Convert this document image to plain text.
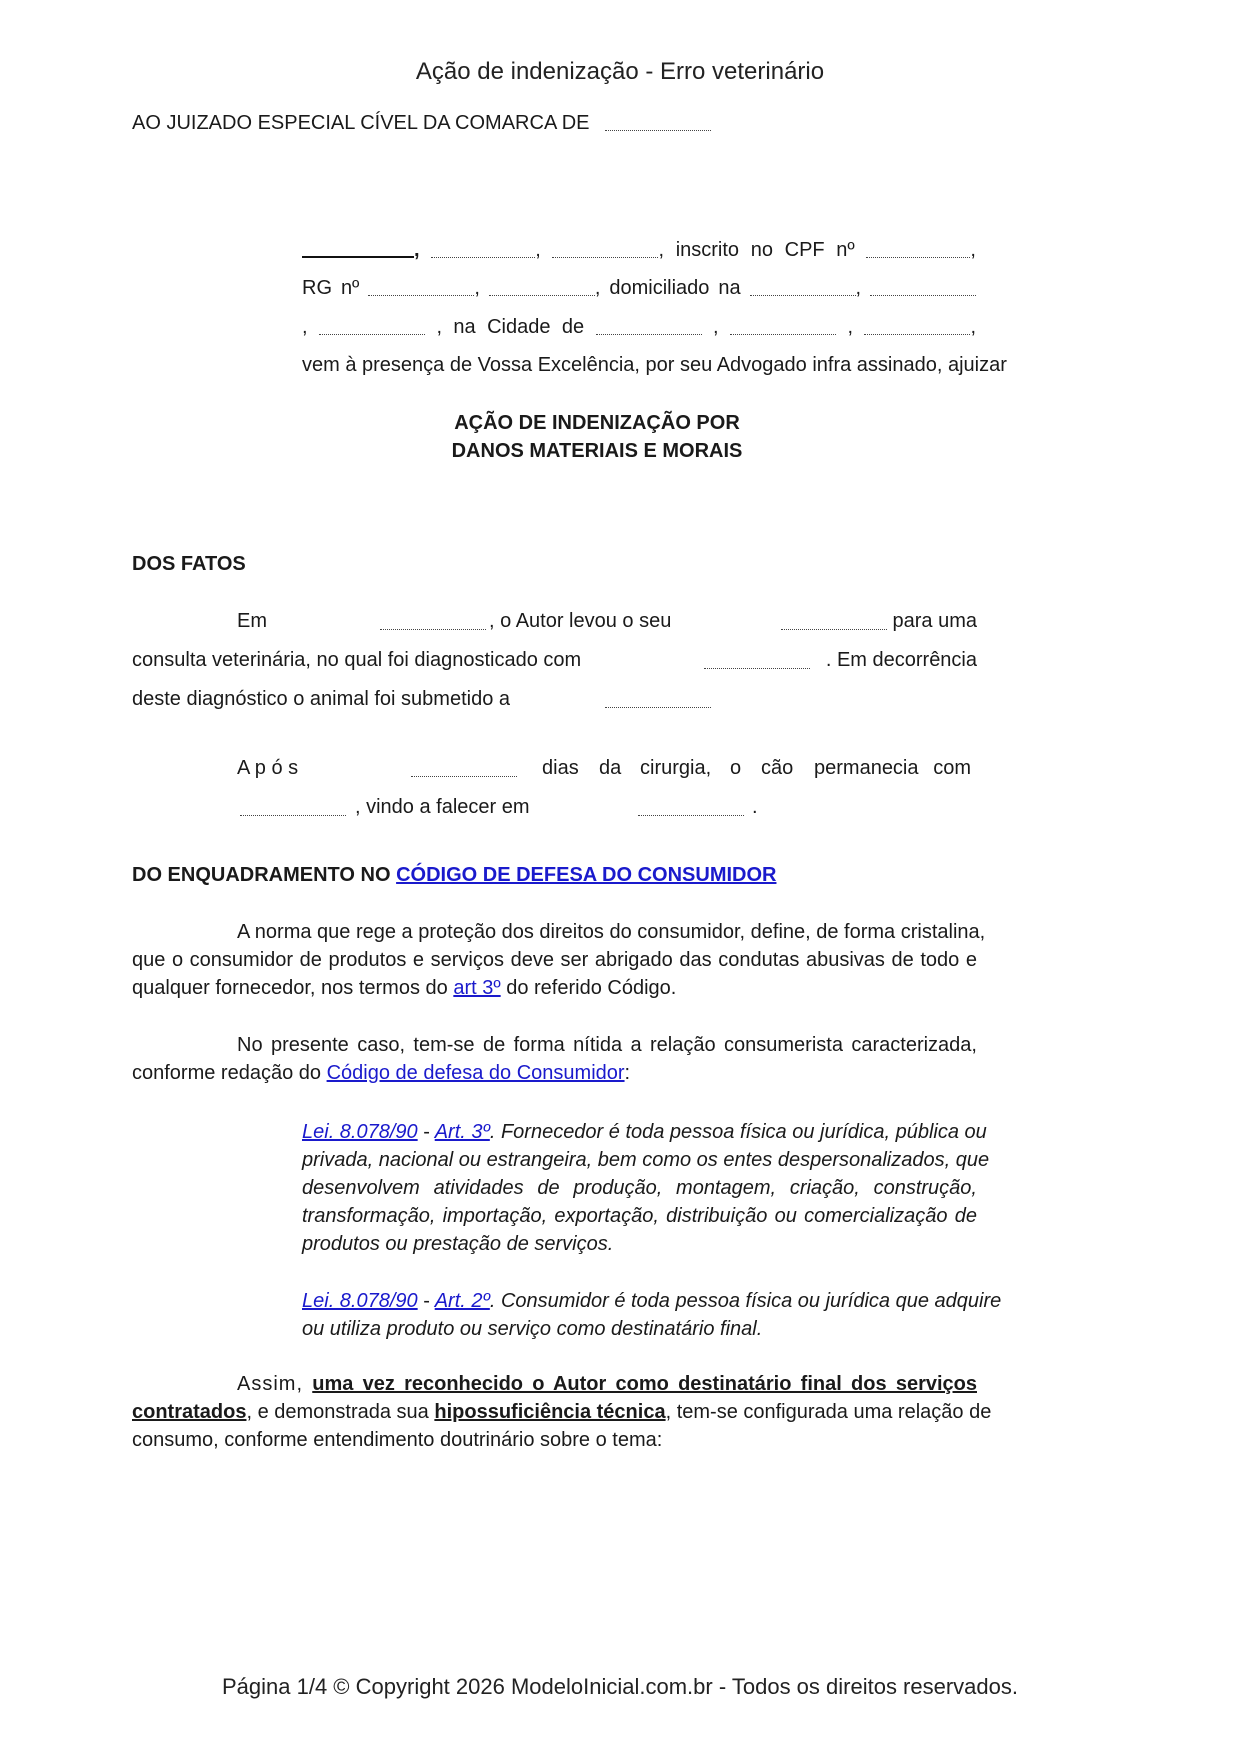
Ação de indenização - Erro veterinário
AO JUIZADO ESPECIAL CÍVEL DA COMARCA DE
,	,	, inscrito no CPF nº	,
RG nº	,	, domiciliado na	,
,	, na Cidade de	,	,	,
vem à presença de Vossa Excelência, por seu Advogado infra assinado, ajuizar
AÇÃO DE INDENIZAÇÃO POR
DANOS MATERIAIS E MORAIS
DOS FATOS
Em	, o Autor levou o seu	para uma
consulta veterinária, no qual foi diagnosticado com	. Em decorrência
deste diagnóstico o animal foi submetido a
A p ó s	dias da cirurgia, o cão permanecia com
, vindo a falecer em	.
DO ENQUADRAMENTO NO CÓDIGO DE DEFESA DO CONSUMIDOR
A norma que rege a proteção dos direitos do consumidor, define, de forma cristalina,
que o consumidor de produtos e serviços deve ser abrigado das condutas abusivas de todo e
qualquer fornecedor, nos termos do art 3º do referido Código.
No presente caso, tem-se de forma nítida a relação consumerista caracterizada,
conforme redação do Código de defesa do Consumidor:
Lei. 8.078/90 - Art. 3º. Fornecedor é toda pessoa física ou jurídica, pública ou
privada, nacional ou estrangeira, bem como os entes despersonalizados, que
desenvolvem atividades de produção, montagem, criação, construção,
transformação, importação, exportação, distribuição ou comercialização de
produtos ou prestação de serviços.
Lei. 8.078/90 - Art. 2º. Consumidor é toda pessoa física ou jurídica que adquire
ou utiliza produto ou serviço como destinatário final.
Assim, uma vez reconhecido o Autor como destinatário final dos serviços
contratados, e demonstrada sua hipossuficiência técnica, tem-se configurada uma relação de
consumo, conforme entendimento doutrinário sobre o tema:
Página 1/4 © Copyright 2026 ModeloInicial.com.br - Todos os direitos reservados.
